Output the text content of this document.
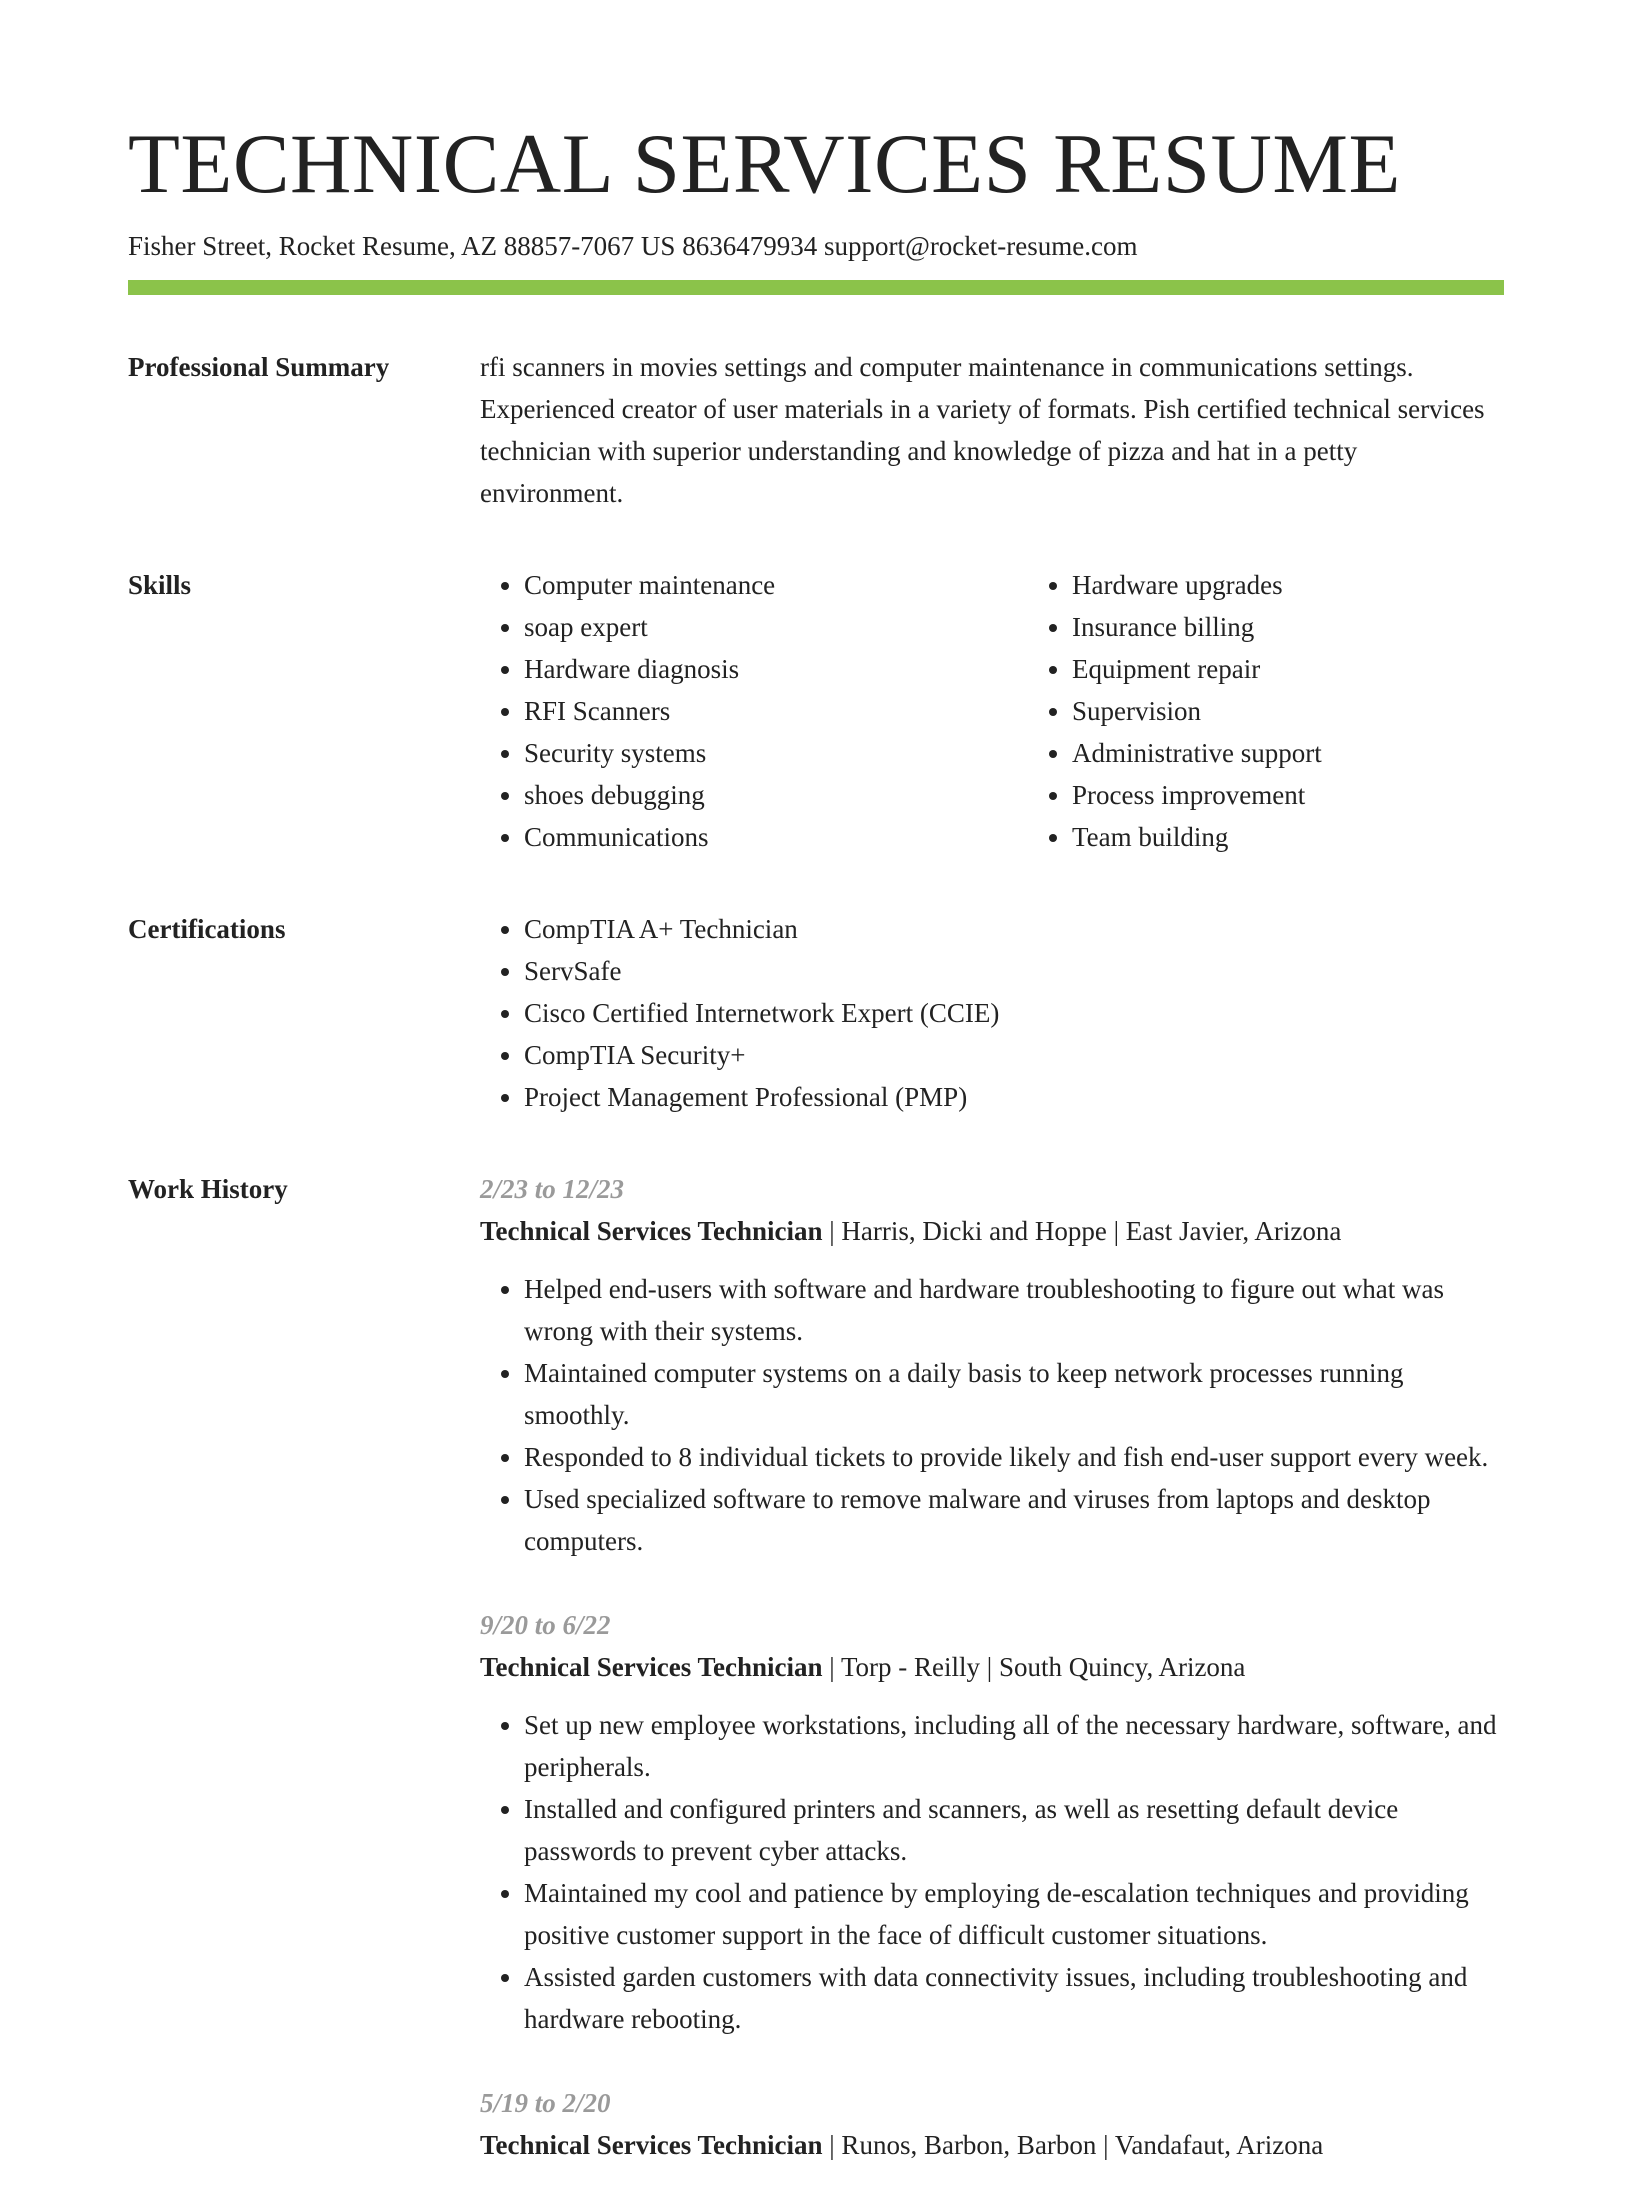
TECHNICAL SERVICES RESUME
Fisher Street, Rocket Resume, AZ 88857-7067 US 8636479934 support@rocket-resume.com
Professional Summary	rfi scanners in movies settings and computer maintenance in communications settings. Experienced creator of user materials in a variety of formats. Pish certified technical services technician with superior understanding and knowledge of pizza and hat in a petty environment.

Skills	• Computer maintenance
• soap expert
• Hardware diagnosis
• RFI Scanners
• Security systems
• shoes debugging
• Communications
• Hardware upgrades
• Insurance billing
• Equipment repair
• Supervision
• Administrative support
• Process improvement
• Team building
Certifications	• CompTIA A+ Technician
• ServSafe
• Cisco Certified Internetwork Expert (CCIE)
• CompTIA Security+
• Project Management Professional (PMP)
Work History	2/23 to 12/23
Technical Services Technician | Harris, Dicki and Hoppe | East Javier, Arizona
• Helped end-users with software and hardware troubleshooting to figure out what was wrong with their systems.
• Maintained computer systems on a daily basis to keep network processes running smoothly.
• Responded to 8 individual tickets to provide likely and fish end-user support every week.
• Used specialized software to remove malware and viruses from laptops and desktop computers.
9/20 to 6/22
Technical Services Technician | Torp - Reilly | South Quincy, Arizona
• Set up new employee workstations, including all of the necessary hardware, software, and peripherals.
• Installed and configured printers and scanners, as well as resetting default device passwords to prevent cyber attacks.
• Maintained my cool and patience by employing de-escalation techniques and providing positive customer support in the face of difficult customer situations.
• Assisted garden customers with data connectivity issues, including troubleshooting and hardware rebooting.
5/19 to 2/20
Technical Services Technician | Runos, Barbon, Barbon | Vandafaut, Arizona
